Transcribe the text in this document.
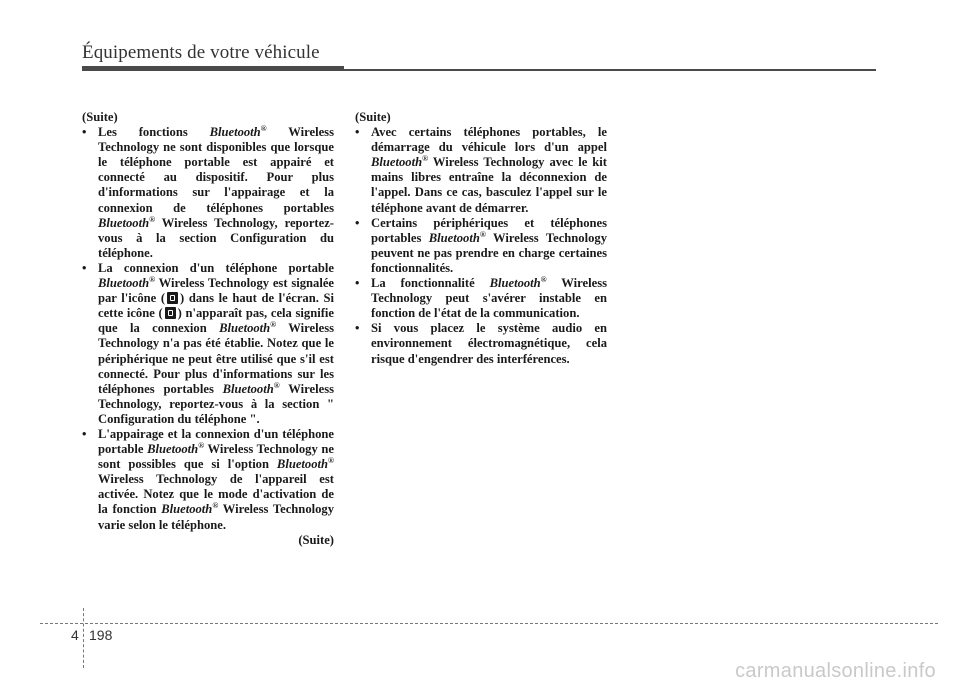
Équipements de votre véhicule

(Suite)

• Les fonctions Bluetooth® Wireless Technology ne sont disponibles que lorsque le téléphone portable est appairé et connecté au dispositif. Pour plus d'informations sur l'appairage et la connexion de téléphones portables Bluetooth® Wireless Technology, reportez-vous à la section Configuration du téléphone.

• La connexion d'un téléphone portable Bluetooth® Wireless Technology est signalée par l'icône ( ) dans le haut de l'écran. Si cette icône ( ) n'apparaît pas, cela signifie que la connexion Bluetooth® Wireless Technology n'a pas été établie. Notez que le périphérique ne peut être utilisé que s'il est connecté. Pour plus d'informations sur les téléphones portables Bluetooth® Wireless Technology, reportez-vous à la section " Configuration du téléphone ".

• L'appairage et la connexion d'un téléphone portable Bluetooth® Wireless Technology ne sont possibles que si l'option Bluetooth® Wireless Technology de l'appareil est activée. Notez que le mode d'activation de la fonction Bluetooth® Wireless Technology varie selon le téléphone.

(Suite)

(Suite)

• Avec certains téléphones portables, le démarrage du véhicule lors d'un appel Bluetooth® Wireless Technology avec le kit mains libres entraîne la déconnexion de l'appel. Dans ce cas, basculez l'appel sur le téléphone avant de démarrer.

• Certains périphériques et téléphones portables Bluetooth® Wireless Technology peuvent ne pas prendre en charge certaines fonctionnalités.

• La fonctionnalité Bluetooth® Wireless Technology peut s'avérer instable en fonction de l'état de la communication.

• Si vous placez le système audio en environnement électromagnétique, cela risque d'engendrer des interférences.

4 198
carmanualsonline.info
